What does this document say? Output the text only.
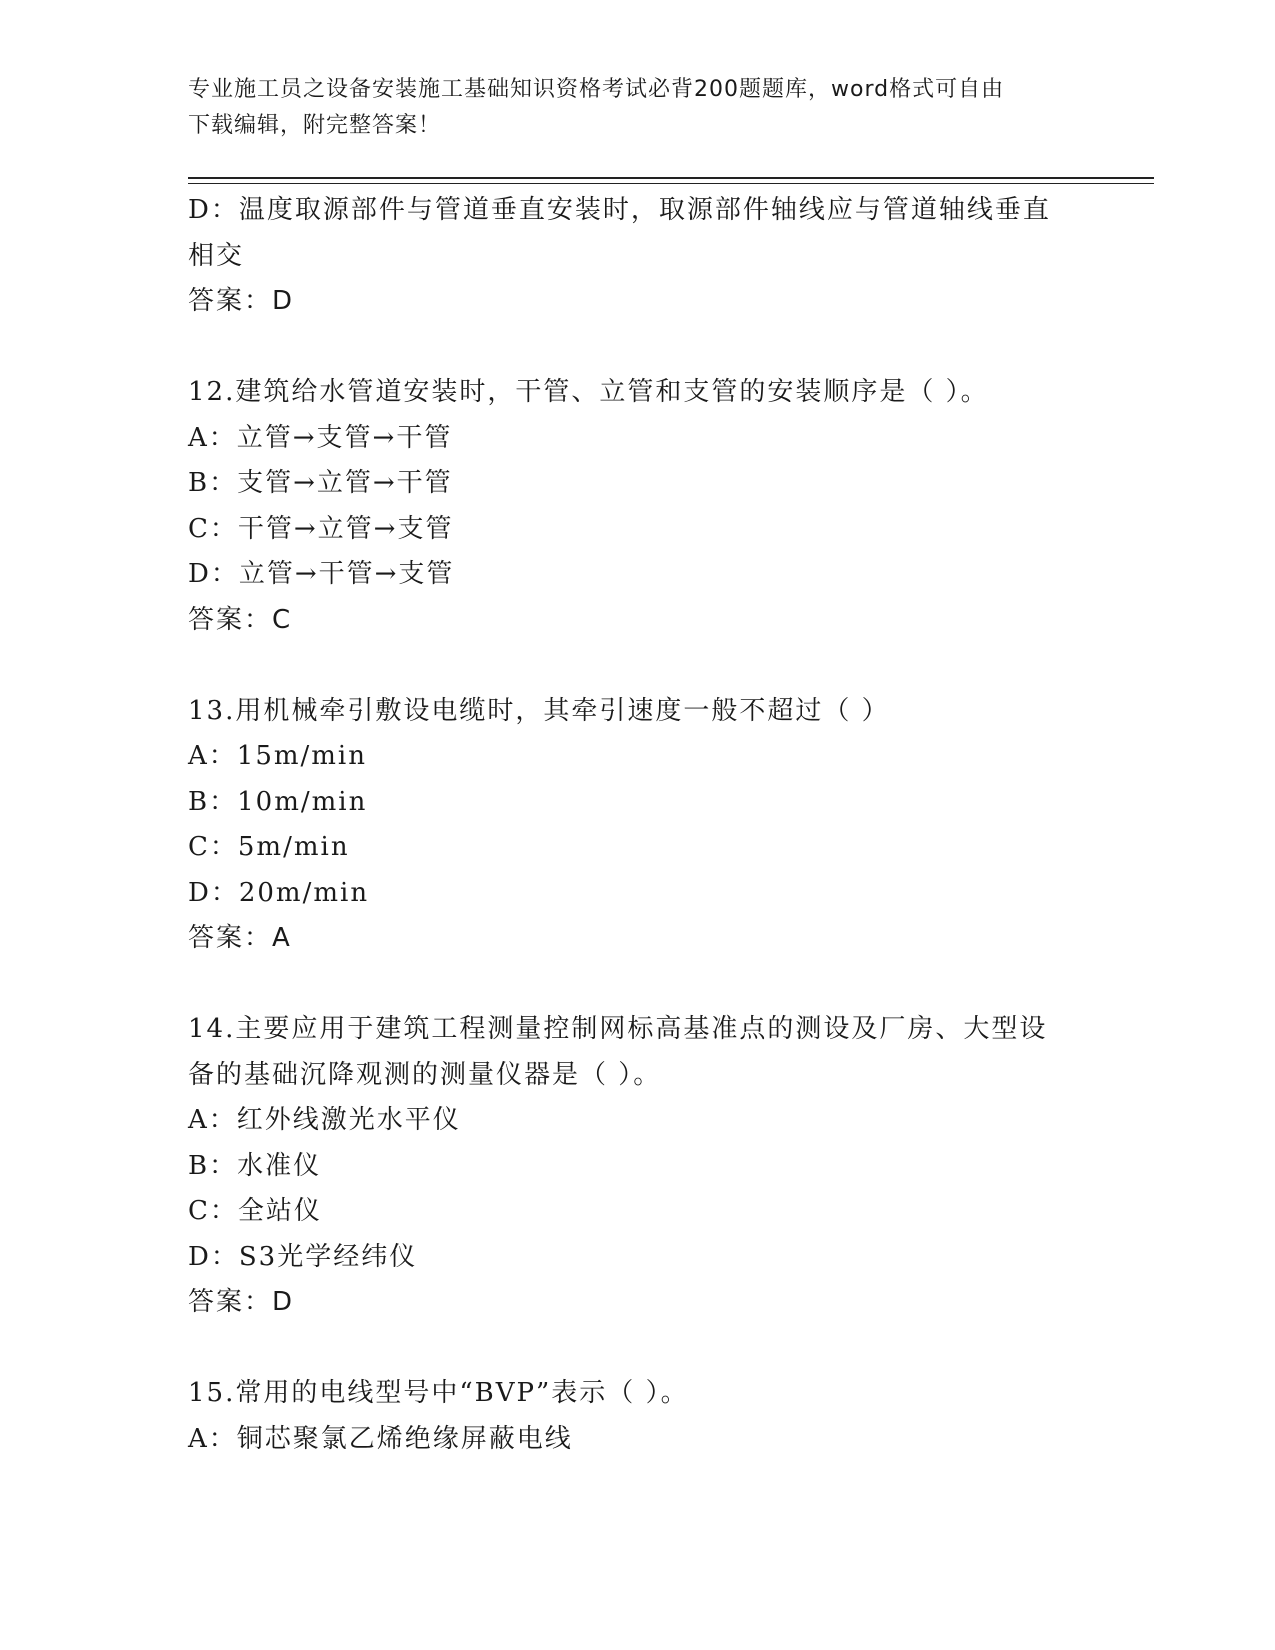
专业施工员之设备安装施工基础知识资格考试必背200题题库，word格式可自由
下载编辑，附完整答案！
D：温度取源部件与管道垂直安装时，取源部件轴线应与管道轴线垂直
相交
答案：D
12.建筑给水管道安装时，干管、立管和支管的安装顺序是（ ）。
A：立管→支管→干管
B：支管→立管→干管
C：干管→立管→支管
D：立管→干管→支管
答案：C
13.用机械牵引敷设电缆时，其牵引速度一般不超过（ ）
A：15m/min
B：10m/min
C：5m/min
D：20m/min
答案：A
14.主要应用于建筑工程测量控制网标高基准点的测设及厂房、大型设
备的基础沉降观测的测量仪器是（ ）。
A：红外线激光水平仪
B：水准仪
C：全站仪
D：S3光学经纬仪
答案：D
15.常用的电线型号中“BVP”表示（ ）。
A：铜芯聚氯乙烯绝缘屏蔽电线
